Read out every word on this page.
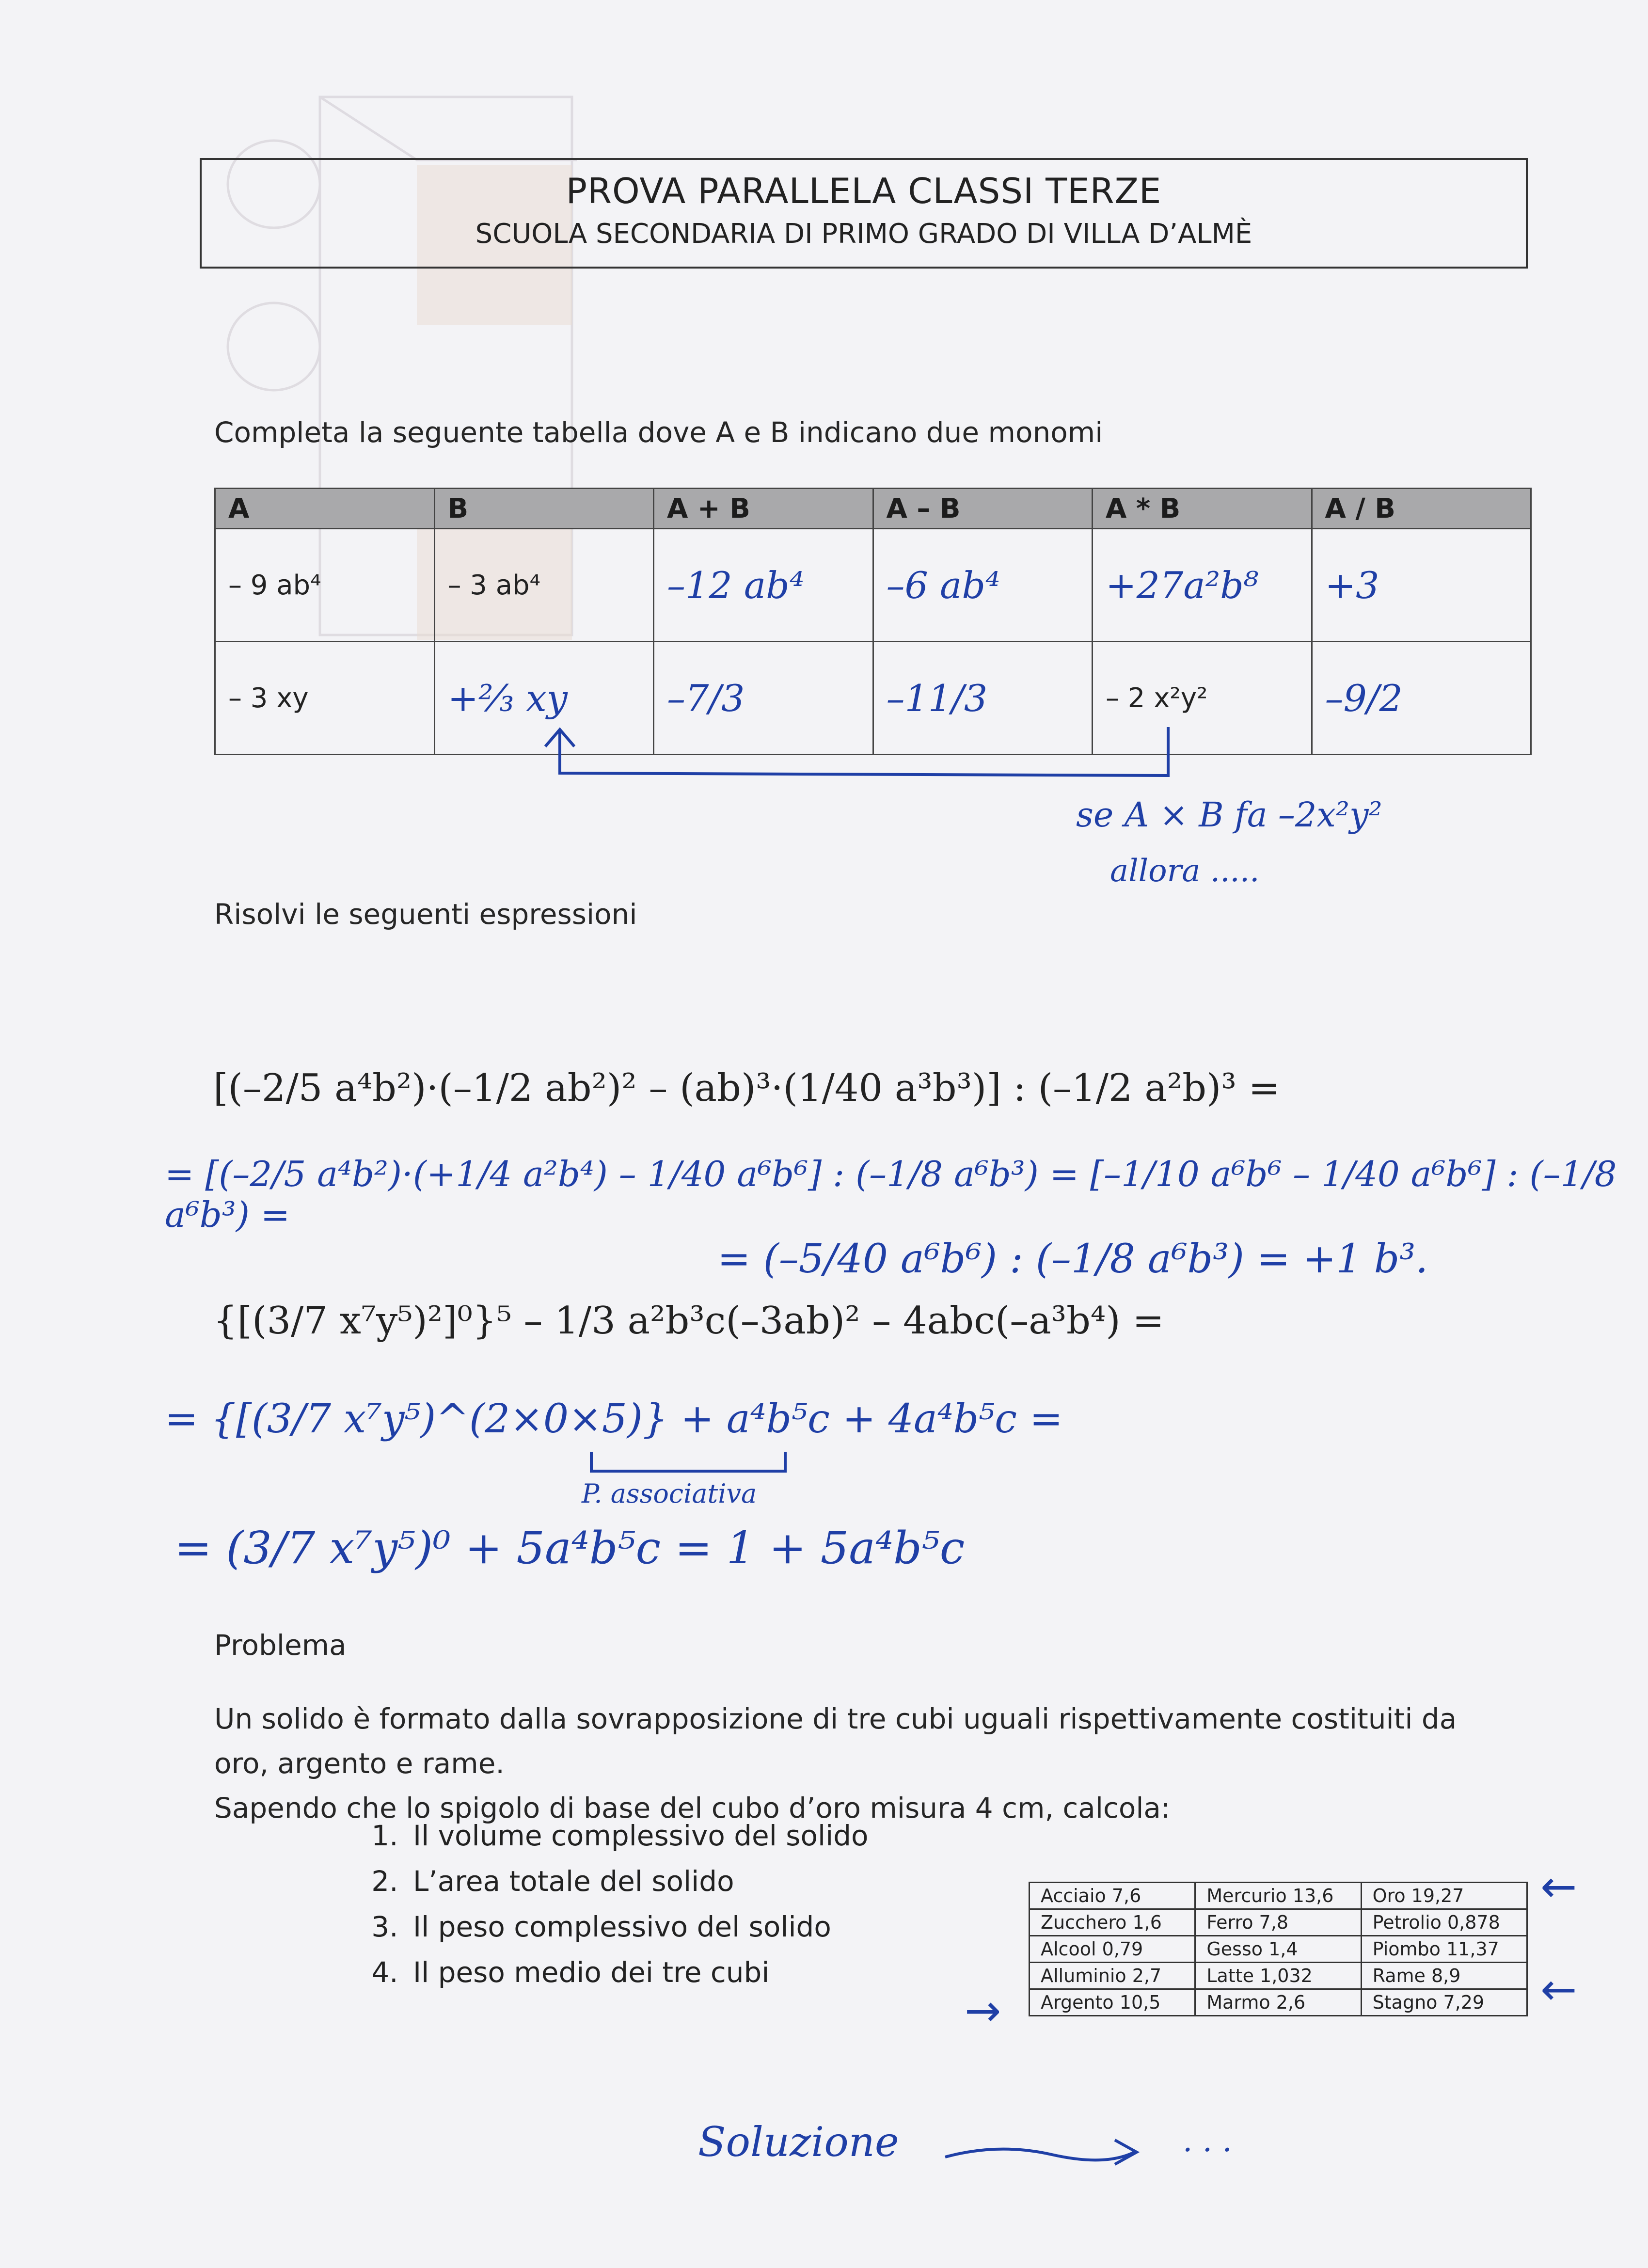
PROVA PARALLELA CLASSI TERZE
SCUOLA SECONDARIA DI PRIMO GRADO DI VILLA D’ALMÈ
Completa la seguente tabella dove A e B indicano due monomi
A	B	A + B	A – B	A * B	A / B
– 9 ab⁴	– 3 ab⁴	–12 ab⁴	–6 ab⁴	+27a²b⁸	+3
– 3 xy	+⅔ xy	–7/3	–11/3	– 2 x²y²	–9/2
se A × B fa –2x²y²
allora .....
Risolvi le seguenti espressioni
[(–2/5 a⁴b²)·(–1/2 ab²)² – (ab)³·(1/40 a³b³)] : (–1/2 a²b)³ =
= [(–2/5 a⁴b²)·(+1/4 a²b⁴) – 1/40 a⁶b⁶] : (–1/8 a⁶b³) = [–1/10 a⁶b⁶ – 1/40 a⁶b⁶] : (–1/8 a⁶b³) =
= (–5/40 a⁶b⁶) : (–1/8 a⁶b³) = +1 b³.
{[(3/7 x⁷y⁵)²]⁰}⁵ – 1/3 a²b³c(–3ab)² – 4abc(–a³b⁴) =
= {[(3/7 x⁷y⁵)^(2×0×5)} + a⁴b⁵c + 4a⁴b⁵c =
P. associativa
= (3/7 x⁷y⁵)⁰ + 5a⁴b⁵c = 1 + 5a⁴b⁵c
Problema
Un solido è formato dalla sovrapposizione di tre cubi uguali rispettivamente costituiti da
oro, argento e rame.
Sapendo che lo spigolo di base del cubo d’oro misura 4 cm, calcola:
1. Il volume complessivo del solido
2. L’area totale del solido
3. Il peso complessivo del solido
4. Il peso medio dei tre cubi
Acciaio 7,6	Mercurio 13,6	Oro 19,27
Zucchero 1,6	Ferro 7,8	Petrolio 0,878
Alcool 0,79	Gesso 1,4	Piombo 11,37
Alluminio 2,7	Latte 1,032	Rame 8,9
Argento 10,5	Marmo 2,6	Stagno 7,29
←
←
→
Soluzione	. . .
